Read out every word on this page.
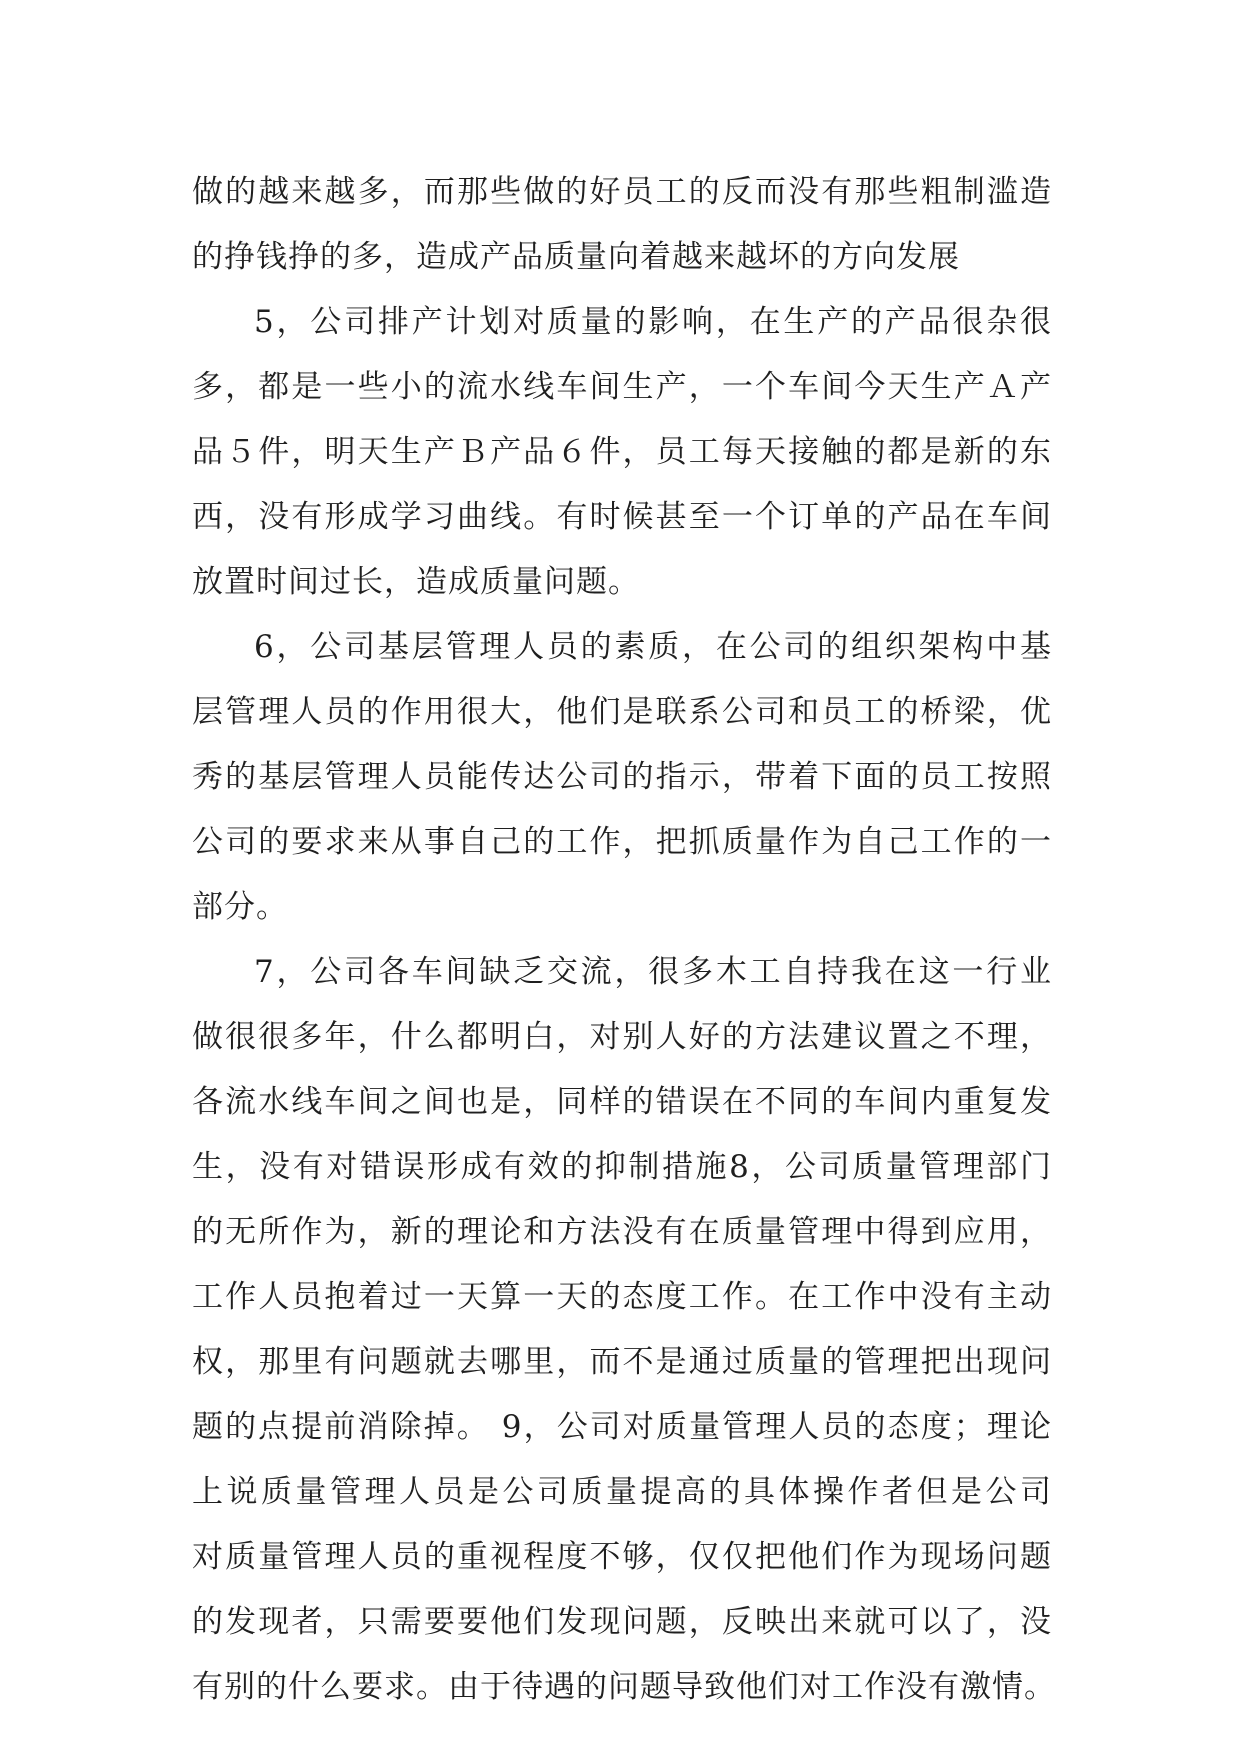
做的越来越多，而那些做的好员工的反而没有那些粗制滥造
的挣钱挣的多，造成产品质量向着越来越坏的方向发展
5，公司排产计划对质量的影响，在生产的产品很杂很
多，都是一些小的流水线车间生产，一个车间今天生产Ａ产
品５件，明天生产Ｂ产品６件，员工每天接触的都是新的东
西，没有形成学习曲线。有时候甚至一个订单的产品在车间
放置时间过长，造成质量问题。
6，公司基层管理人员的素质，在公司的组织架构中基
层管理人员的作用很大，他们是联系公司和员工的桥梁，优
秀的基层管理人员能传达公司的指示，带着下面的员工按照
公司的要求来从事自己的工作，把抓质量作为自己工作的一
部分。
7，公司各车间缺乏交流，很多木工自持我在这一行业
做很很多年，什么都明白，对别人好的方法建议置之不理，
各流水线车间之间也是，同样的错误在不同的车间内重复发
生，没有对错误形成有效的抑制措施8，公司质量管理部门
的无所作为，新的理论和方法没有在质量管理中得到应用，
工作人员抱着过一天算一天的态度工作。在工作中没有主动
权，那里有问题就去哪里，而不是通过质量的管理把出现问
题的点提前消除掉。 9，公司对质量管理人员的态度；理论
上说质量管理人员是公司质量提高的具体操作者但是公司
对质量管理人员的重视程度不够，仅仅把他们作为现场问题
的发现者，只需要要他们发现问题，反映出来就可以了，没
有别的什么要求。由于待遇的问题导致他们对工作没有激情。
